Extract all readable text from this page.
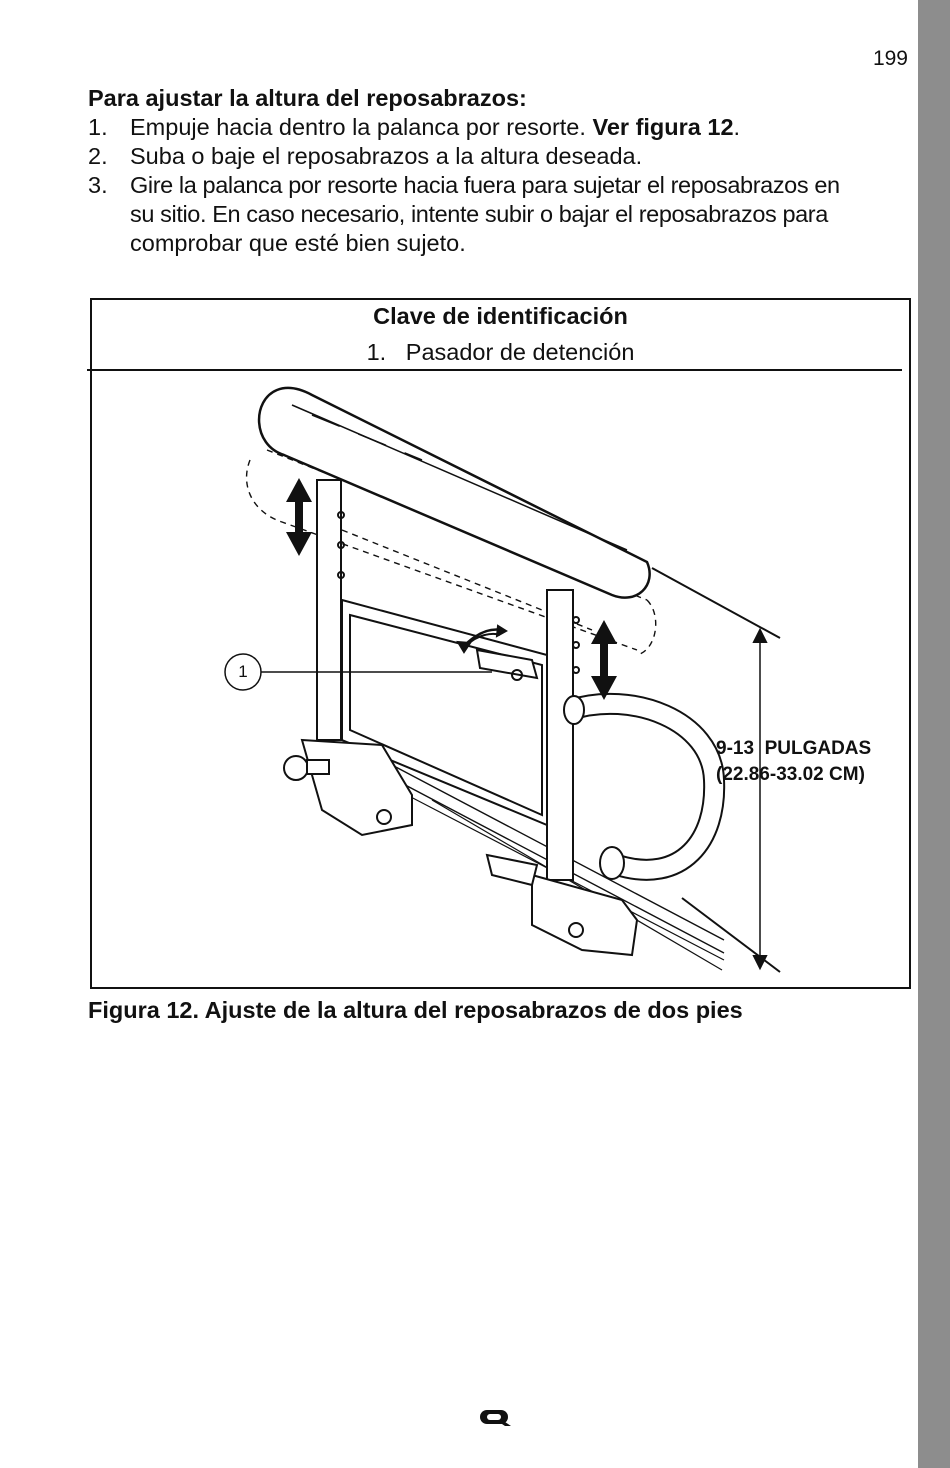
199

Para ajustar la altura del reposabrazos:

1. Empuje hacia dentro la palanca por resorte. Ver figura 12.
2. Suba o baje el reposabrazos a la altura deseada.
3. Gire la palanca por resorte hacia fuera para sujetar el reposabrazos en
su sitio. En caso necesario, intente subir o bajar el reposabrazos para
comprobar que esté bien sujeto.
Clave de identificación
1. Pasador de detención
1
9-13  PULGADAS
(22.86-33.02 CM)
Figura 12. Ajuste de la altura del reposabrazos de dos pies
